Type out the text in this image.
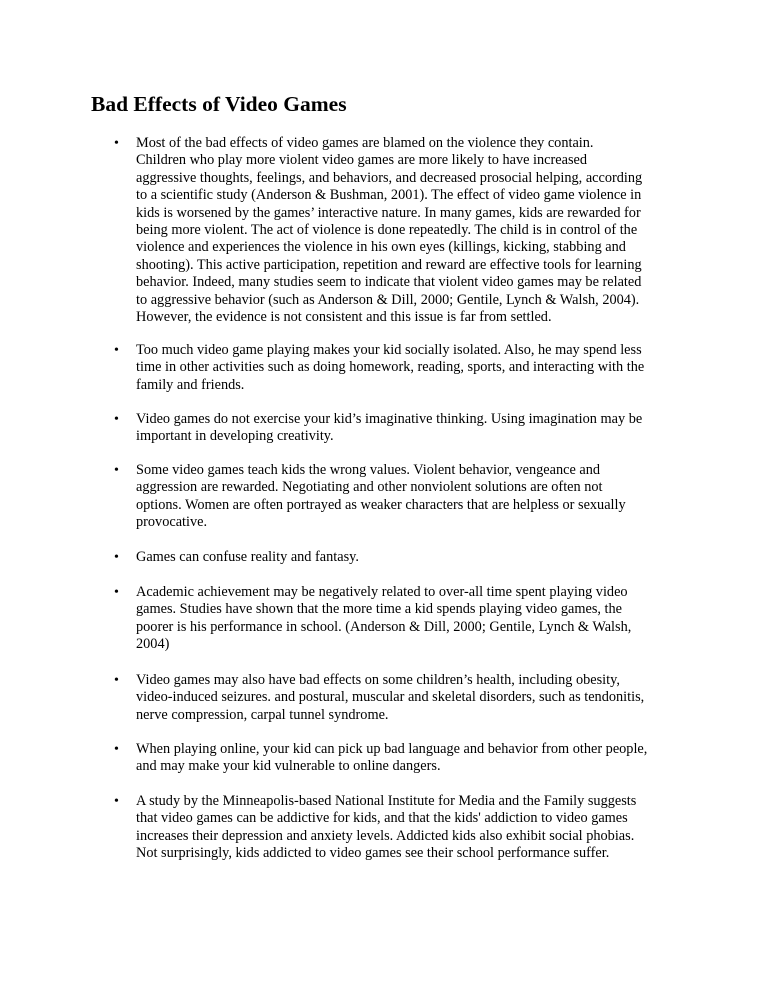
Bad Effects of Video Games
• Most of the bad effects of video games are blamed on the violence they contain.
Children who play more violent video games are more likely to have increased
aggressive thoughts, feelings, and behaviors, and decreased prosocial helping, according
to a scientific study (Anderson & Bushman, 2001). The effect of video game violence in
kids is worsened by the games’ interactive nature. In many games, kids are rewarded for
being more violent. The act of violence is done repeatedly. The child is in control of the
violence and experiences the violence in his own eyes (killings, kicking, stabbing and
shooting). This active participation, repetition and reward are effective tools for learning
behavior. Indeed, many studies seem to indicate that violent video games may be related
to aggressive behavior (such as Anderson & Dill, 2000; Gentile, Lynch & Walsh, 2004).
However, the evidence is not consistent and this issue is far from settled.
• Too much video game playing makes your kid socially isolated. Also, he may spend less
time in other activities such as doing homework, reading, sports, and interacting with the
family and friends.
• Video games do not exercise your kid’s imaginative thinking. Using imagination may be
important in developing creativity.
• Some video games teach kids the wrong values. Violent behavior, vengeance and
aggression are rewarded. Negotiating and other nonviolent solutions are often not
options. Women are often portrayed as weaker characters that are helpless or sexually
provocative.
• Games can confuse reality and fantasy.
• Academic achievement may be negatively related to over-all time spent playing video
games. Studies have shown that the more time a kid spends playing video games, the
poorer is his performance in school. (Anderson & Dill, 2000; Gentile, Lynch & Walsh,
2004)
• Video games may also have bad effects on some children’s health, including obesity,
video-induced seizures. and postural, muscular and skeletal disorders, such as tendonitis,
nerve compression, carpal tunnel syndrome.
• When playing online, your kid can pick up bad language and behavior from other people,
and may make your kid vulnerable to online dangers.
• A study by the Minneapolis-based National Institute for Media and the Family suggests
that video games can be addictive for kids, and that the kids' addiction to video games
increases their depression and anxiety levels. Addicted kids also exhibit social phobias.
Not surprisingly, kids addicted to video games see their school performance suffer.
